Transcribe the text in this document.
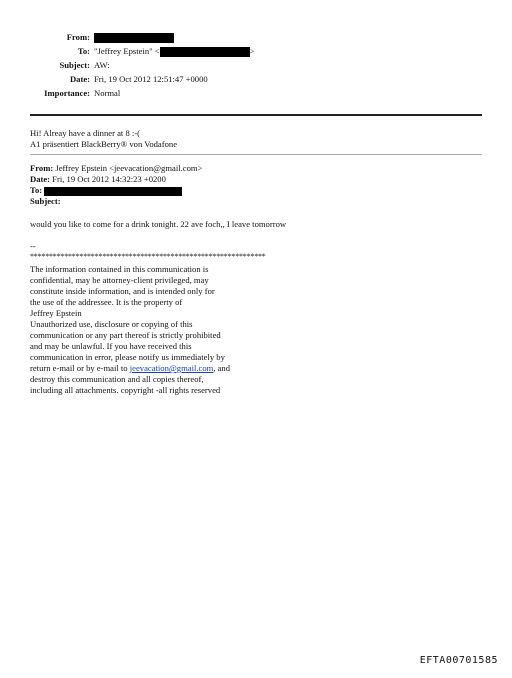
From:
To: "Jeffrey Epstein" <	>
Subject: AW:
Date: Fri, 19 Oct 2012 12:51:47 +0000
Importance: Normal
Hi! Alreay have a dinner at 8 :-(
A1 präsentiert BlackBerry® von Vodafone
From: Jeffrey Epstein <jeevacation@gmail.com>
Date: Fri, 19 Oct 2012 14:32:23 +0200
To:
Subject:
would you like to come for a drink tonight. 22 ave foch,, I leave tomorrow
--
**************************************************************
The information contained in this communication is
confidential, may be attorney-client privileged, may
constitute inside information, and is intended only for
the use of the addressee. It is the property of
Jeffrey Epstein
Unauthorized use, disclosure or copying of this
communication or any part thereof is strictly prohibited
and may be unlawful. If you have received this
communication in error, please notify us immediately by
return e-mail or by e-mail to jeevacation@gmail.com, and
destroy this communication and all copies thereof,
including all attachments. copyright -all rights reserved
EFTA00701585
